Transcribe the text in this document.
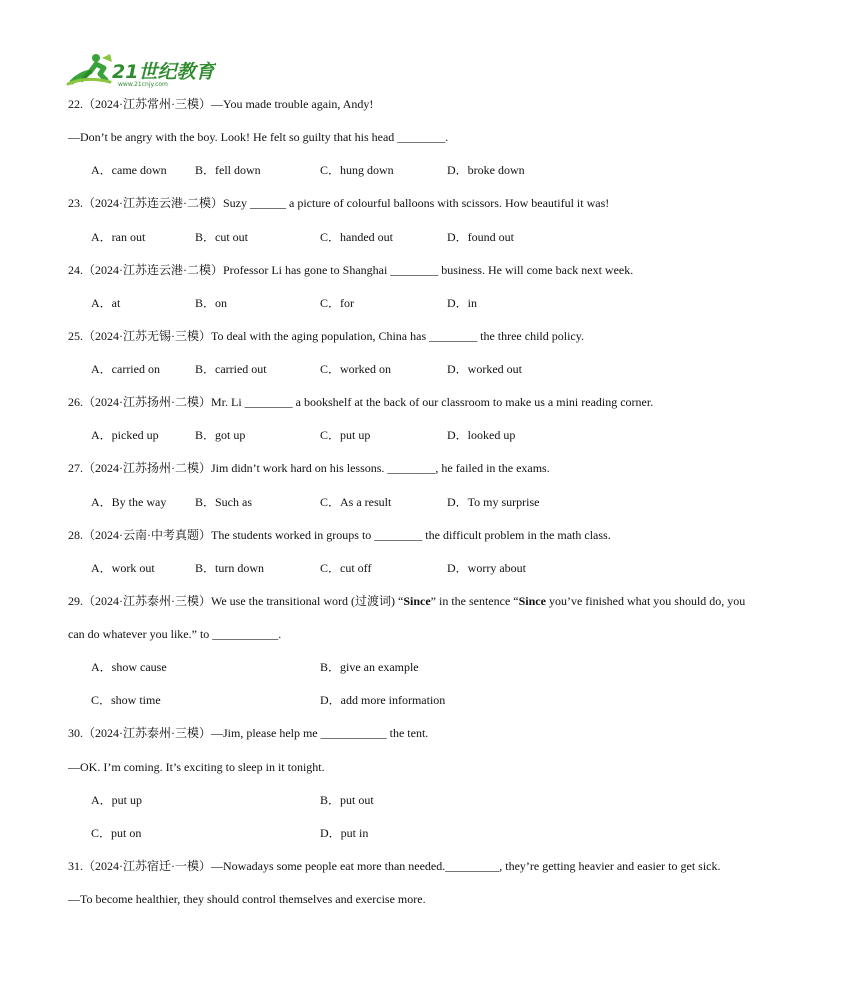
21世纪教育
www.21cnjy.com
22.（2024·江苏常州·三模）—You made trouble again, Andy!
—Don’t be angry with the boy. Look! He felt so guilty that his head ________.
A．came down B．fell down	C．hung down	D．broke down
23.（2024·江苏连云港·二模）Suzy ______ a picture of colourful balloons with scissors. How beautiful it was!
A．ran out	B．cut out	C．handed out	D．found out
24.（2024·江苏连云港·二模）Professor Li has gone to Shanghai ________ business. He will come back next week.
A．at	B．on	C．for	D．in
25.（2024·江苏无锡·三模）To deal with the aging population, China has ________ the three child policy.
A．carried on	B．carried out	C．worked on	D．worked out
26.（2024·江苏扬州·二模）Mr. Li ________ a bookshelf at the back of our classroom to make us a mini reading corner.
A．picked up	B．got up	C．put up	D．looked up
27.（2024·江苏扬州·二模）Jim didn’t work hard on his lessons. ________, he failed in the exams.
A．By the way B．Such as	C．As a result	D．To my surprise
28.（2024·云南·中考真题）The students worked in groups to ________ the difficult problem in the math class.
A．work out	B．turn down	C．cut off	D．worry about
29.（2024·江苏泰州·三模）We use the transitional word (过渡词) “Since” in the sentence “Since you’ve finished what you should do, you
can do whatever you like.” to ___________.
A．show cause	B．give an example
C．show time	D．add more information
30.（2024·江苏泰州·三模）—Jim, please help me ___________ the tent.
—OK. I’m coming. It’s exciting to sleep in it tonight.
A．put up	B．put out
C．put on	D．put in
31.（2024·江苏宿迁·一模）—Nowadays some people eat more than needed._________, they’re getting heavier and easier to get sick.
—To become healthier, they should control themselves and exercise more.
